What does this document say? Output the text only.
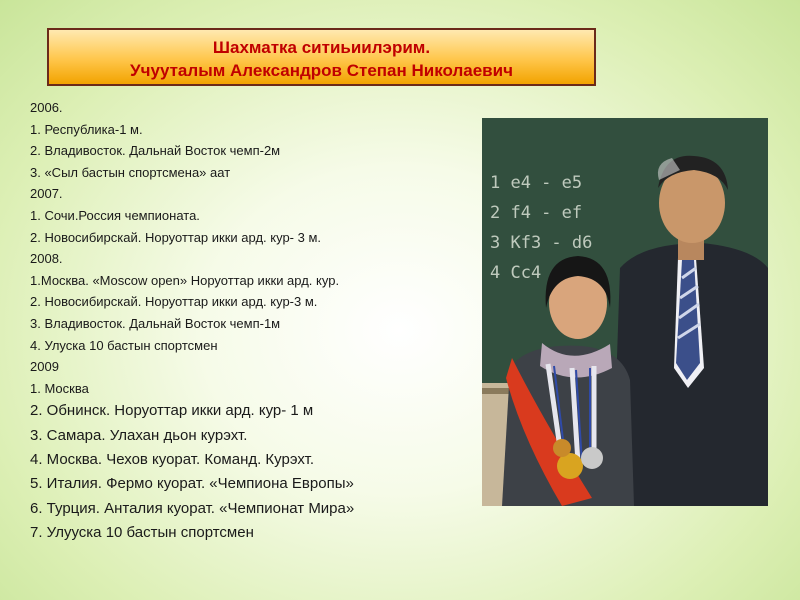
Шахматка ситиьиилэрим.
Учууталым Александров Степан Николаевич
2006.
1. Республика-1 м.
2. Владивосток. Дальнай Восток чемп-2м
3. «Сыл бастын спортсмена» аат
2007.
1. Сочи.Россия чемпионата.
2. Новосибирскай. Норуоттар икки ард. кур- 3 м.
2008.
1.Москва. «Moscow open» Норуоттар икки ард. кур.
2. Новосибирскай. Норуоттар икки ард. кур-3 м.
3. Владивосток. Дальнай Восток чемп-1м
4. Улуска 10 бастын спортсмен
2009
1. Москва
2. Обнинск. Норуоттар икки ард. кур- 1 м
3. Самара. Улахан дьон курэхт.
4. Москва. Чехов куорат. Команд. Курэхт.
5. Италия. Фермо куорат. «Чемпиона Европы»
6. Турция. Анталия куорат. «Чемпионат Мира»
7. Улууска 10 бастын спортсмен
1 e4 - e5
2 f4 - ef
3 Kf3 - d6
4 Cc4
